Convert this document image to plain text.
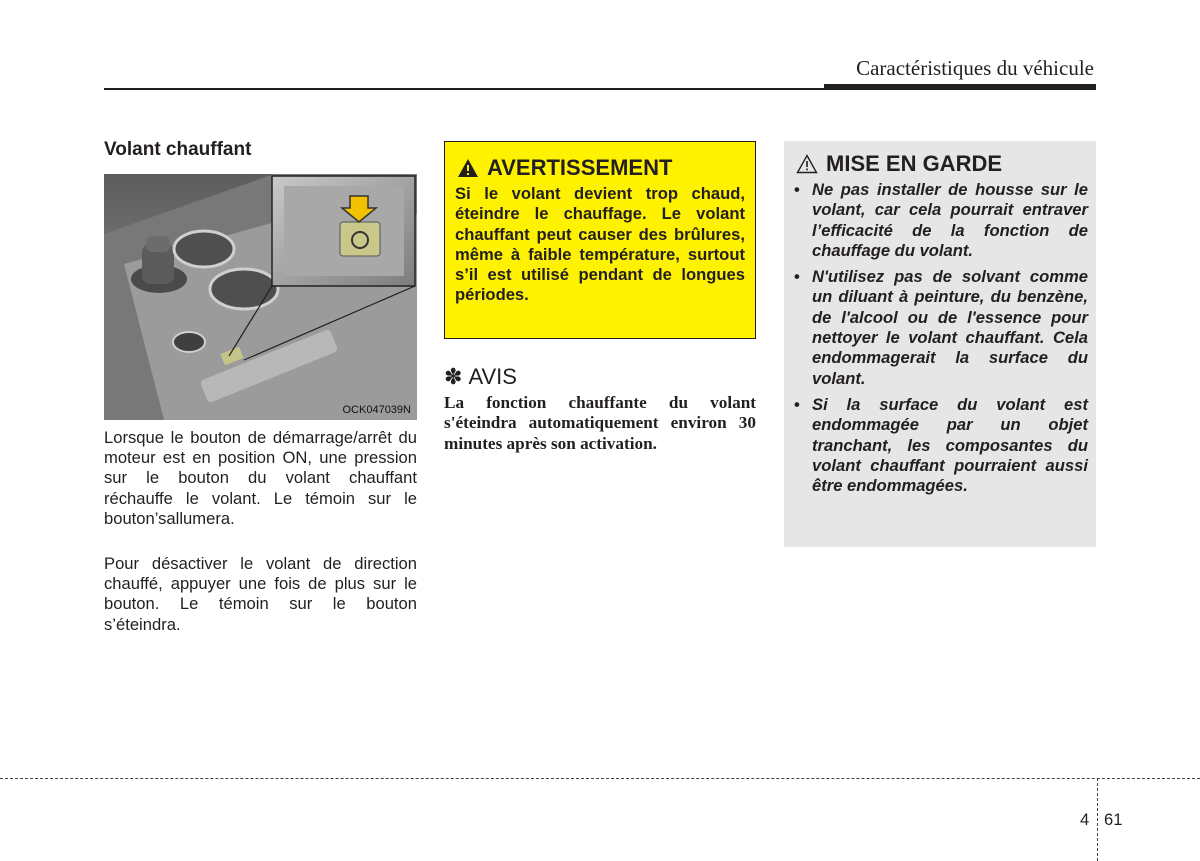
Caractéristiques du véhicule
Volant chauffant
OCK047039N
Lorsque le bouton de démarrage/arrêt du moteur est en position ON, une pression sur le bouton du volant chauffant réchauffe le volant. Le témoin sur le bouton’sallumera.
Pour désactiver le volant de direction chauffé, appuyer une fois de plus sur le bouton. Le témoin sur le bouton s’éteindra.
AVERTISSEMENT
Si le volant devient trop chaud, éteindre le chauffage. Le volant chauffant peut causer des brûlures, même à faible température, surtout s’il est utilisé pendant de longues périodes.
✽ AVIS
La fonction chauffante du volant s'éteindra automatiquement environ 30 minutes après son activation.
MISE EN GARDE
• Ne pas installer de housse sur le volant, car cela pourrait entraver l’efficacité de la fonction de chauffage du volant.
• N'utilisez pas de solvant comme un diluant à peinture, du benzène, de l'alcool ou de l'essence pour nettoyer le volant chauffant. Cela endommagerait la surface du volant.
• Si la surface du volant est endommagée par un objet tranchant, les composantes du volant chauffant pourraient aussi être endommagées.
4 61
